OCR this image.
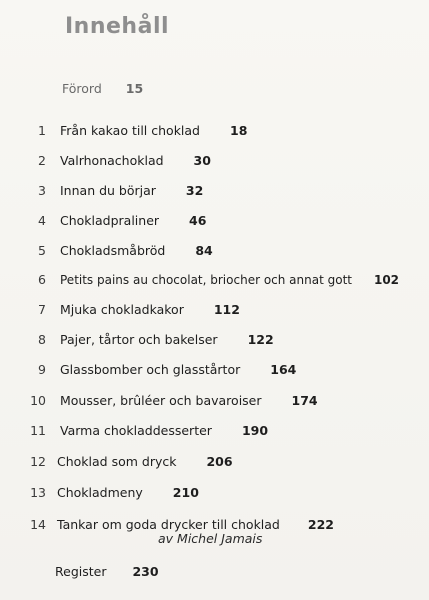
Innehåll
Förord 15
1 Från kakao till choklad 18
2 Valrhonachoklad 30
3 Innan du börjar 32
4 Chokladpraliner 46
5 Chokladsmåbröd 84
6 Petits pains au chocolat, briocher och annat gott 102
7 Mjuka chokladkakor 112
8 Pajer, tårtor och bakelser 122
9 Glassbomber och glasstårtor 164
10 Mousser, brûléer och bavaroiser 174
11 Varma chokladdesserter 190
12 Choklad som dryck 206
13 Chokladmeny 210
14 Tankar om goda drycker till choklad 222
av Michel Jamais
Register 230
